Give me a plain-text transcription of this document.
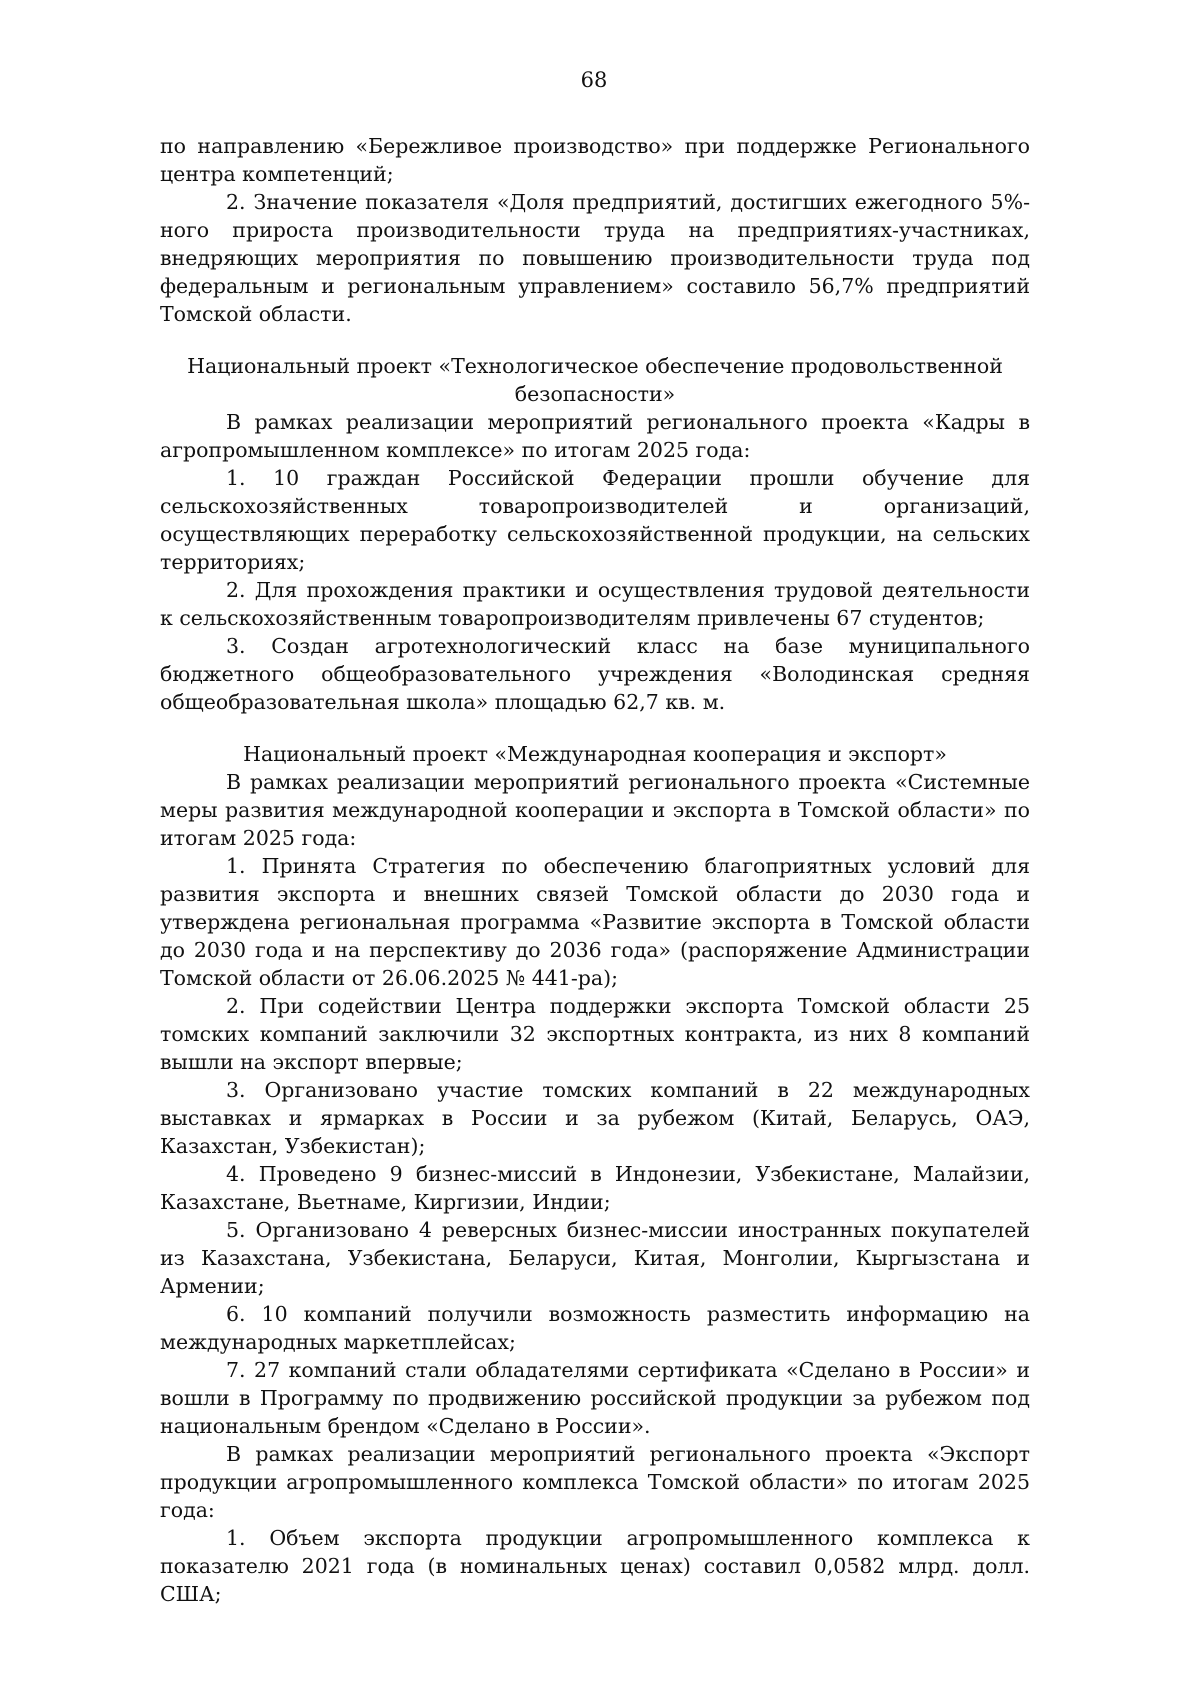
68

по направлению «Бережливое производство» при поддержке Регионального центра компетенций;

2. Значение показателя «Доля предприятий, достигших ежегодного 5%-ного прироста производительности труда на предприятиях-участниках, внедряющих мероприятия по повышению производительности труда под федеральным и региональным управлением» составило 56,7% предприятий Томской области.

Национальный проект «Технологическое обеспечение продовольственной безопасности»

В рамках реализации мероприятий регионального проекта «Кадры в агропромышленном комплексе» по итогам 2025 года:

1. 10 граждан Российской Федерации прошли обучение для сельскохозяйственных товаропроизводителей и организаций, осуществляющих переработку сельскохозяйственной продукции, на сельских территориях;

2. Для прохождения практики и осуществления трудовой деятельности к сельскохозяйственным товаропроизводителям привлечены 67 студентов;

3. Создан агротехнологический класс на базе муниципального бюджетного общеобразовательного учреждения «Володинская средняя общеобразовательная школа» площадью 62,7 кв. м.

Национальный проект «Международная кооперация и экспорт»

В рамках реализации мероприятий регионального проекта «Системные меры развития международной кооперации и экспорта в Томской области» по итогам 2025 года:

1. Принята Стратегия по обеспечению благоприятных условий для развития экспорта и внешних связей Томской области до 2030 года и утверждена региональная программа «Развитие экспорта в Томской области до 2030 года и на перспективу до 2036 года» (распоряжение Администрации Томской области от 26.06.2025 № 441-ра);

2. При содействии Центра поддержки экспорта Томской области 25 томских компаний заключили 32 экспортных контракта, из них 8 компаний вышли на экспорт впервые;

3. Организовано участие томских компаний в 22 международных выставках и ярмарках в России и за рубежом (Китай, Беларусь, ОАЭ, Казахстан, Узбекистан);

4. Проведено 9 бизнес-миссий в Индонезии, Узбекистане, Малайзии, Казахстане, Вьетнаме, Киргизии, Индии;

5. Организовано 4 реверсных бизнес-миссии иностранных покупателей из Казахстана, Узбекистана, Беларуси, Китая, Монголии, Кыргызстана и Армении;

6. 10 компаний получили возможность разместить информацию на международных маркетплейсах;

7. 27 компаний стали обладателями сертификата «Сделано в России» и вошли в Программу по продвижению российской продукции за рубежом под национальным брендом «Сделано в России».

В рамках реализации мероприятий регионального проекта «Экспорт продукции агропромышленного комплекса Томской области» по итогам 2025 года:

1. Объем экспорта продукции агропромышленного комплекса к показателю 2021 года (в номинальных ценах) составил 0,0582 млрд. долл. США;
